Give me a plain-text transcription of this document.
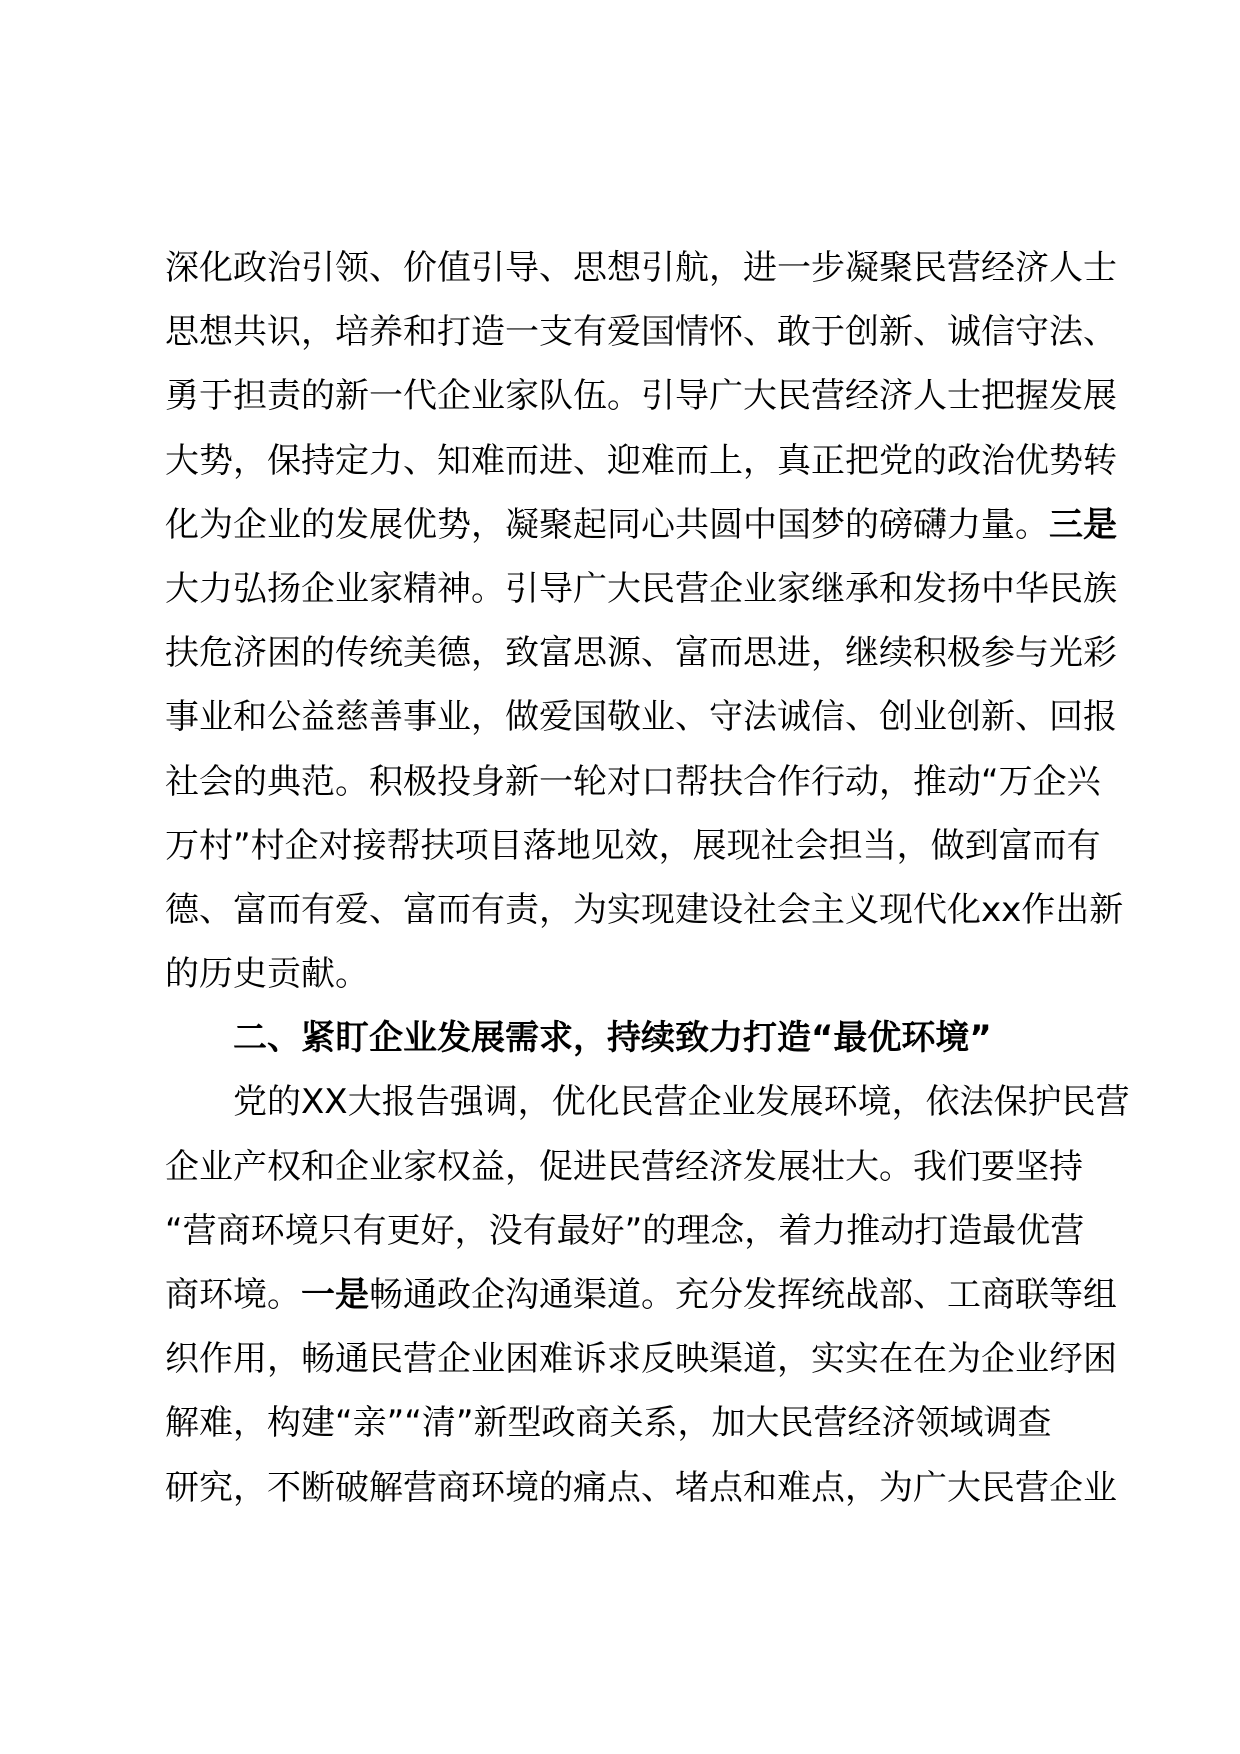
深化政治引领、价值引导、思想引航，进一步凝聚民营经济人士
思想共识，培养和打造一支有爱国情怀、敢于创新、诚信守法、
勇于担责的新一代企业家队伍。引导广大民营经济人士把握发展
大势，保持定力、知难而进、迎难而上，真正把党的政治优势转
化为企业的发展优势，凝聚起同心共圆中国梦的磅礴力量。三是
大力弘扬企业家精神。引导广大民营企业家继承和发扬中华民族
扶危济困的传统美德，致富思源、富而思进，继续积极参与光彩
事业和公益慈善事业，做爱国敬业、守法诚信、创业创新、回报
社会的典范。积极投身新一轮对口帮扶合作行动，推动“万企兴
万村”村企对接帮扶项目落地见效，展现社会担当，做到富而有
德、富而有爱、富而有责，为实现建设社会主义现代化xx作出新
的历史贡献。
二、紧盯企业发展需求，持续致力打造“最优环境”
党的XX大报告强调，优化民营企业发展环境，依法保护民营
企业产权和企业家权益，促进民营经济发展壮大。我们要坚持
“营商环境只有更好，没有最好”的理念，着力推动打造最优营
商环境。一是畅通政企沟通渠道。充分发挥统战部、工商联等组
织作用，畅通民营企业困难诉求反映渠道，实实在在为企业纾困
解难，构建“亲”“清”新型政商关系，加大民营经济领域调查
研究，不断破解营商环境的痛点、堵点和难点，为广大民营企业
